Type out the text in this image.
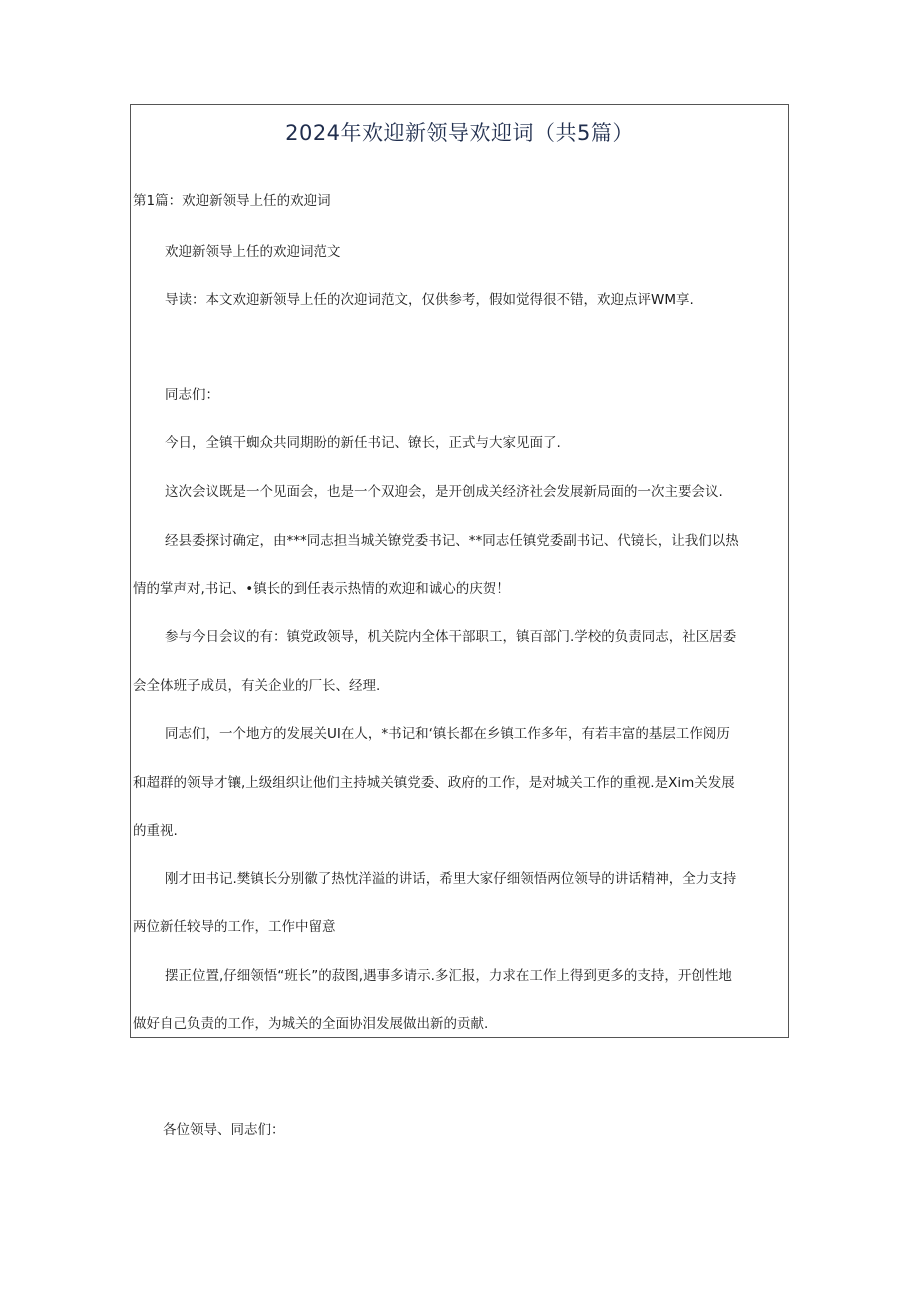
2024年欢迎新领导欢迎词（共5篇）
第1篇：欢迎新领导上任的欢迎词
欢迎新领导上任的欢迎词范文
导读：本文欢迎新领导上任的次迎词范文，仅供参考，假如觉得很不错，欢迎点评WM享.
同志们：
今日，全镇干蜘众共同期盼的新任书记、镣长，正式与大家见面了.
这次会议既是一个见面会，也是一个双迎会，是开创成关经济社会发展新局面的一次主要会议.
经县委探讨确定，由***同志担当城关镣党委书记、**同志任镇党委副书记、代镜长，让我们以热
情的掌声对,书记、•镇长的到任表示热情的欢迎和诚心的庆贺！
参与今日会议的有：镇党政领导，机关院内全体干部职工，镇百部门.学校的负责同志，社区居委
会全体班子成员，有关企业的厂长、经理.
同志们，一个地方的发展关UI在人，*书记和‘镇长都在乡镇工作多年，有若丰富的基层工作阅历
和超群的领导才镶,上级组织让他们主持城关镇党委、政府的工作，是对城关工作的重视.是Xim关发展
的重视.
刚才田书记.樊镇长分别徽了热忱洋溢的讲话，希里大家仔细领悟两位领导的讲话精神，全力支持
两位新任较导的工作，工作中留意
摆正位置,仔细领悟“班长”的菽图,遇事多请示.多汇报，力求在工作上得到更多的支持，开创性地
做好自己负责的工作，为城关的全面协泪发展做出新的贡献.
各位领导、同志们：
